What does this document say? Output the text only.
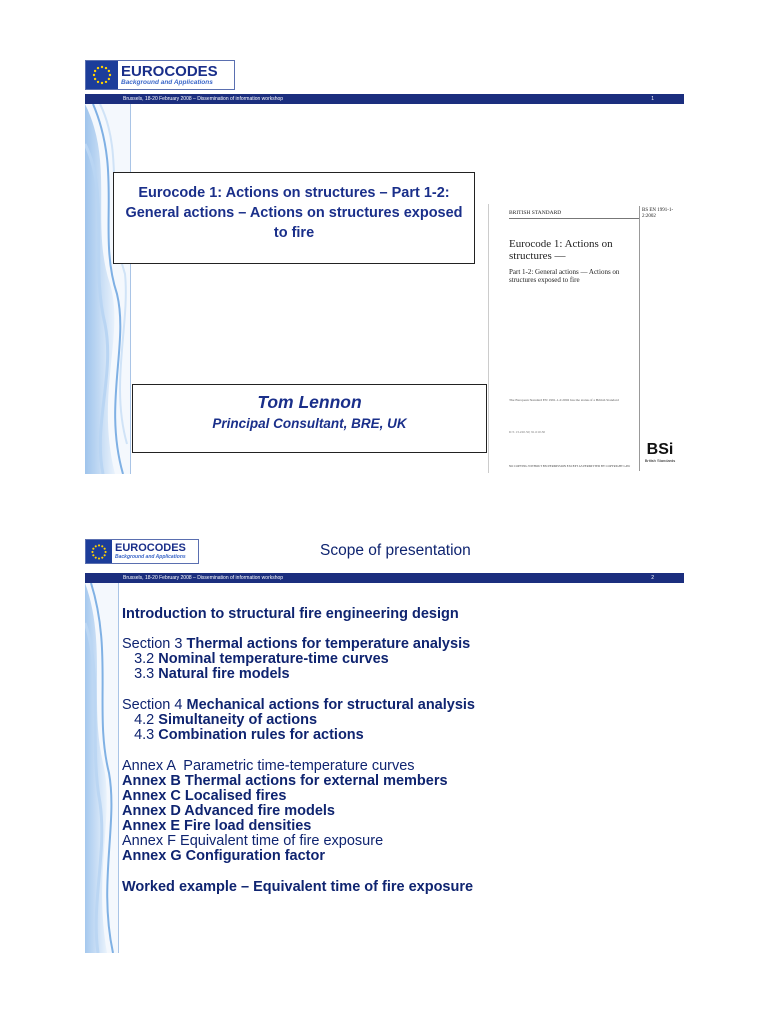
EUROCODES
Background and Applications
Brussels, 18-20 February 2008 – Dissemination of information workshop	1
Eurocode 1: Actions on structures – Part 1-2: General actions – Actions on structures exposed to fire
BRITISH STANDARD	BS EN 1991-1-2:2002
Eurocode 1: Actions on structures —
Part 1-2: General actions — Actions on structures exposed to fire
The European Standard EN 1991-1-2:2002 has the status of a British Standard
ICS 13.220.50; 91.010.30
NO COPYING WITHOUT BSI PERMISSION EXCEPT AS PERMITTED BY COPYRIGHT LAW
BSi
British Standards
Tom Lennon
Principal Consultant, BRE, UK
EUROCODES
Background and Applications	Scope of presentation
Brussels, 18-20 February 2008 – Dissemination of information workshop	2
Introduction to structural fire engineering design
Section 3 Thermal actions for temperature analysis
3.2 Nominal temperature-time curves
3.3 Natural fire models
Section 4 Mechanical actions for structural analysis
4.2 Simultaneity of actions
4.3 Combination rules for actions
Annex A  Parametric time-temperature curves
Annex B Thermal actions for external members
Annex C Localised fires
Annex D Advanced fire models
Annex E Fire load densities
Annex F Equivalent time of fire exposure
Annex G Configuration factor
Worked example – Equivalent time of fire exposure
